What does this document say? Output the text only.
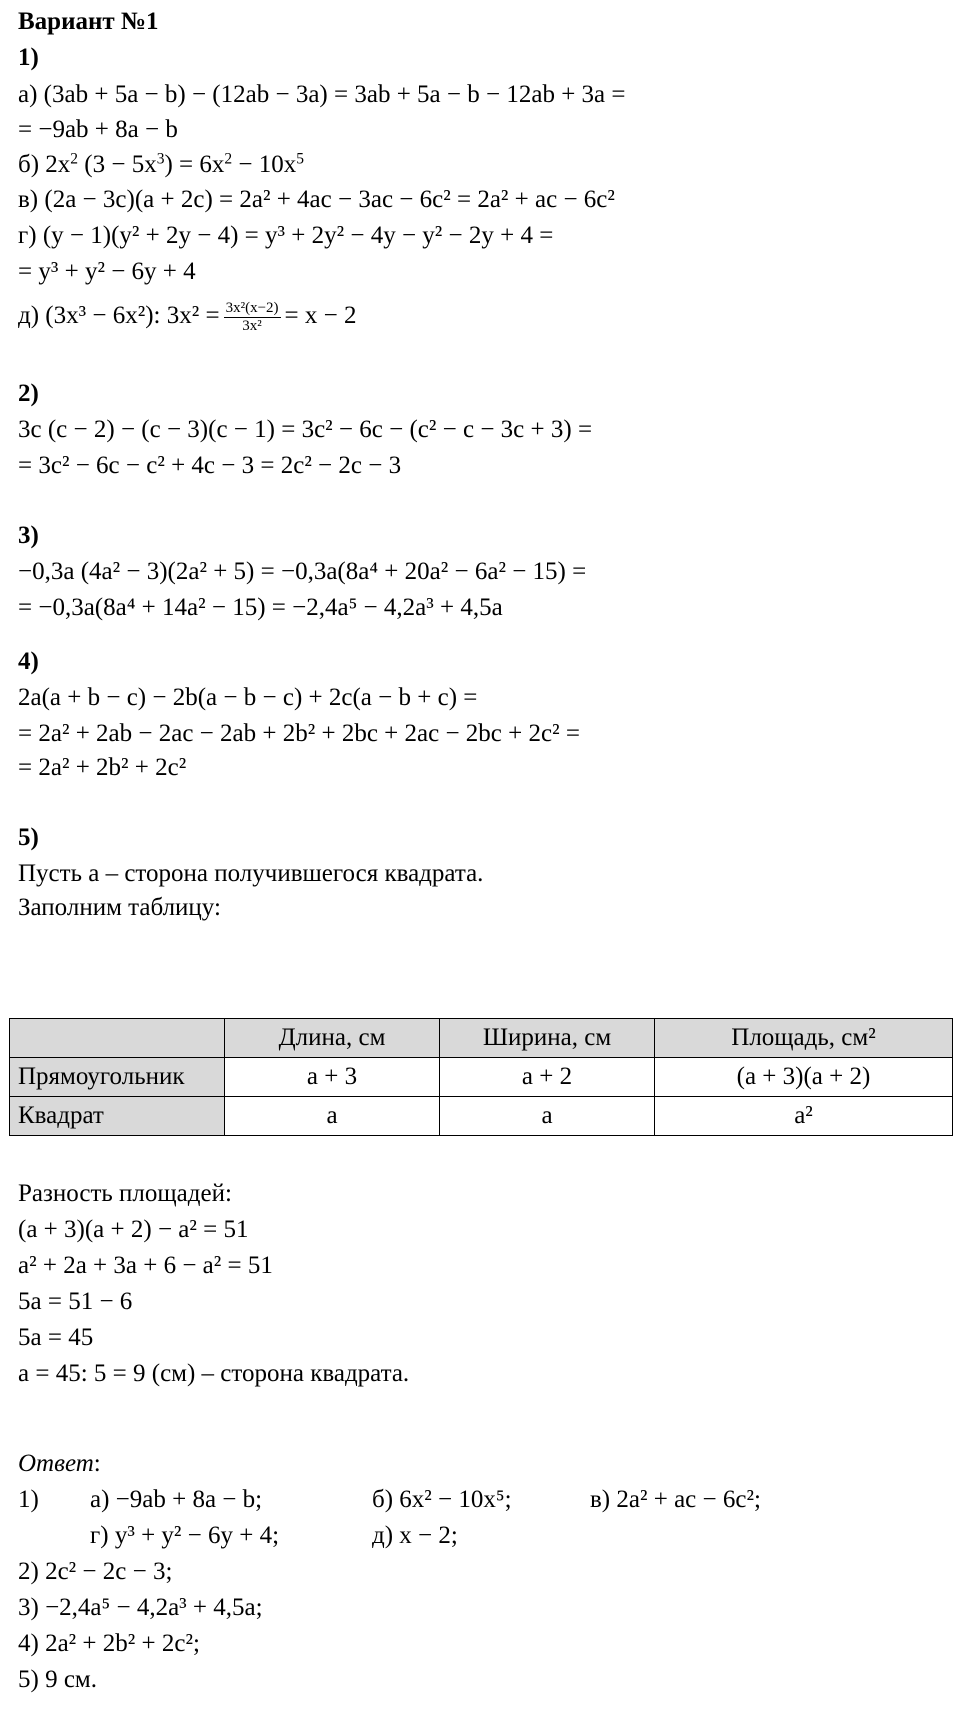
Вариант №1
1)
а) (3ab + 5a − b) − (12ab − 3a) = 3ab + 5a − b − 12ab + 3a =
= −9ab + 8a − b
б) $2x^2$ $(3 - 5x^3) = 6x^2 - 10x^5$
в) (2a − 3c)(a + 2c) = 2a² + 4ac − 3ac − 6c² = 2a² + ac − 6c²
г) (y − 1)(y² + 2y − 4) = y³ + 2y² − 4y − y² − 2y + 4 =
= y³ + y² − 6y + 4
д) (3x³ − 6x²): $3x^2 = \frac{\text{3x²(x−2)}}{\text{3x²}} = x - 2$
2)
3c (c − 2) − (c − 3)(c − 1) = 3c² − 6c − (c² − c − 3c + 3) =
= 3c² − 6c − c² + 4c − 3 = 2c² − 2c − 3
3)
−0,3a (4a² − 3)(2a² + 5) = −0,3a(8a⁴ + 20a² − 6a² − 15) =
= −0,3a(8a⁴ + 14a² − 15) = −2,4a⁵ − 4,2a³ + 4,5a
4)
2a(a + b − c) − 2b(a − b − c) + 2c(a − b + c) =
= 2a² + 2ab − 2ac − 2ab + 2b² + 2bc + 2ac − 2bc + 2c² =
= 2a² + 2b² + 2c²
5)
Пусть a – сторона получившегося квадрата.
Заполним таблицу:
	Длина, см	Ширина, см	Площадь, см²
Прямоугольник	a + 3	a + 2	(a + 3)(a + 2)
Квадрат	a	a	a²
Разность площадей:
(a + 3)(a + 2) − a² = 51
a² + 2a + 3a + 6 − a² = 51
5a = 51 − 6
5a = 45
a = 45: 5 = 9 (см) – сторона квадрата.
Ответ:
1) а) −9ab + 8a − b;	б) 6x² − 10x⁵;	в) 2a² + ac − 6c²;
г) y³ + y² − 6y + 4;	д) x − 2;
2) 2c² − 2c − 3;
3) −2,4a⁵ − 4,2a³ + 4,5a;
4) 2a² + 2b² + 2c²;
5) 9 см.
